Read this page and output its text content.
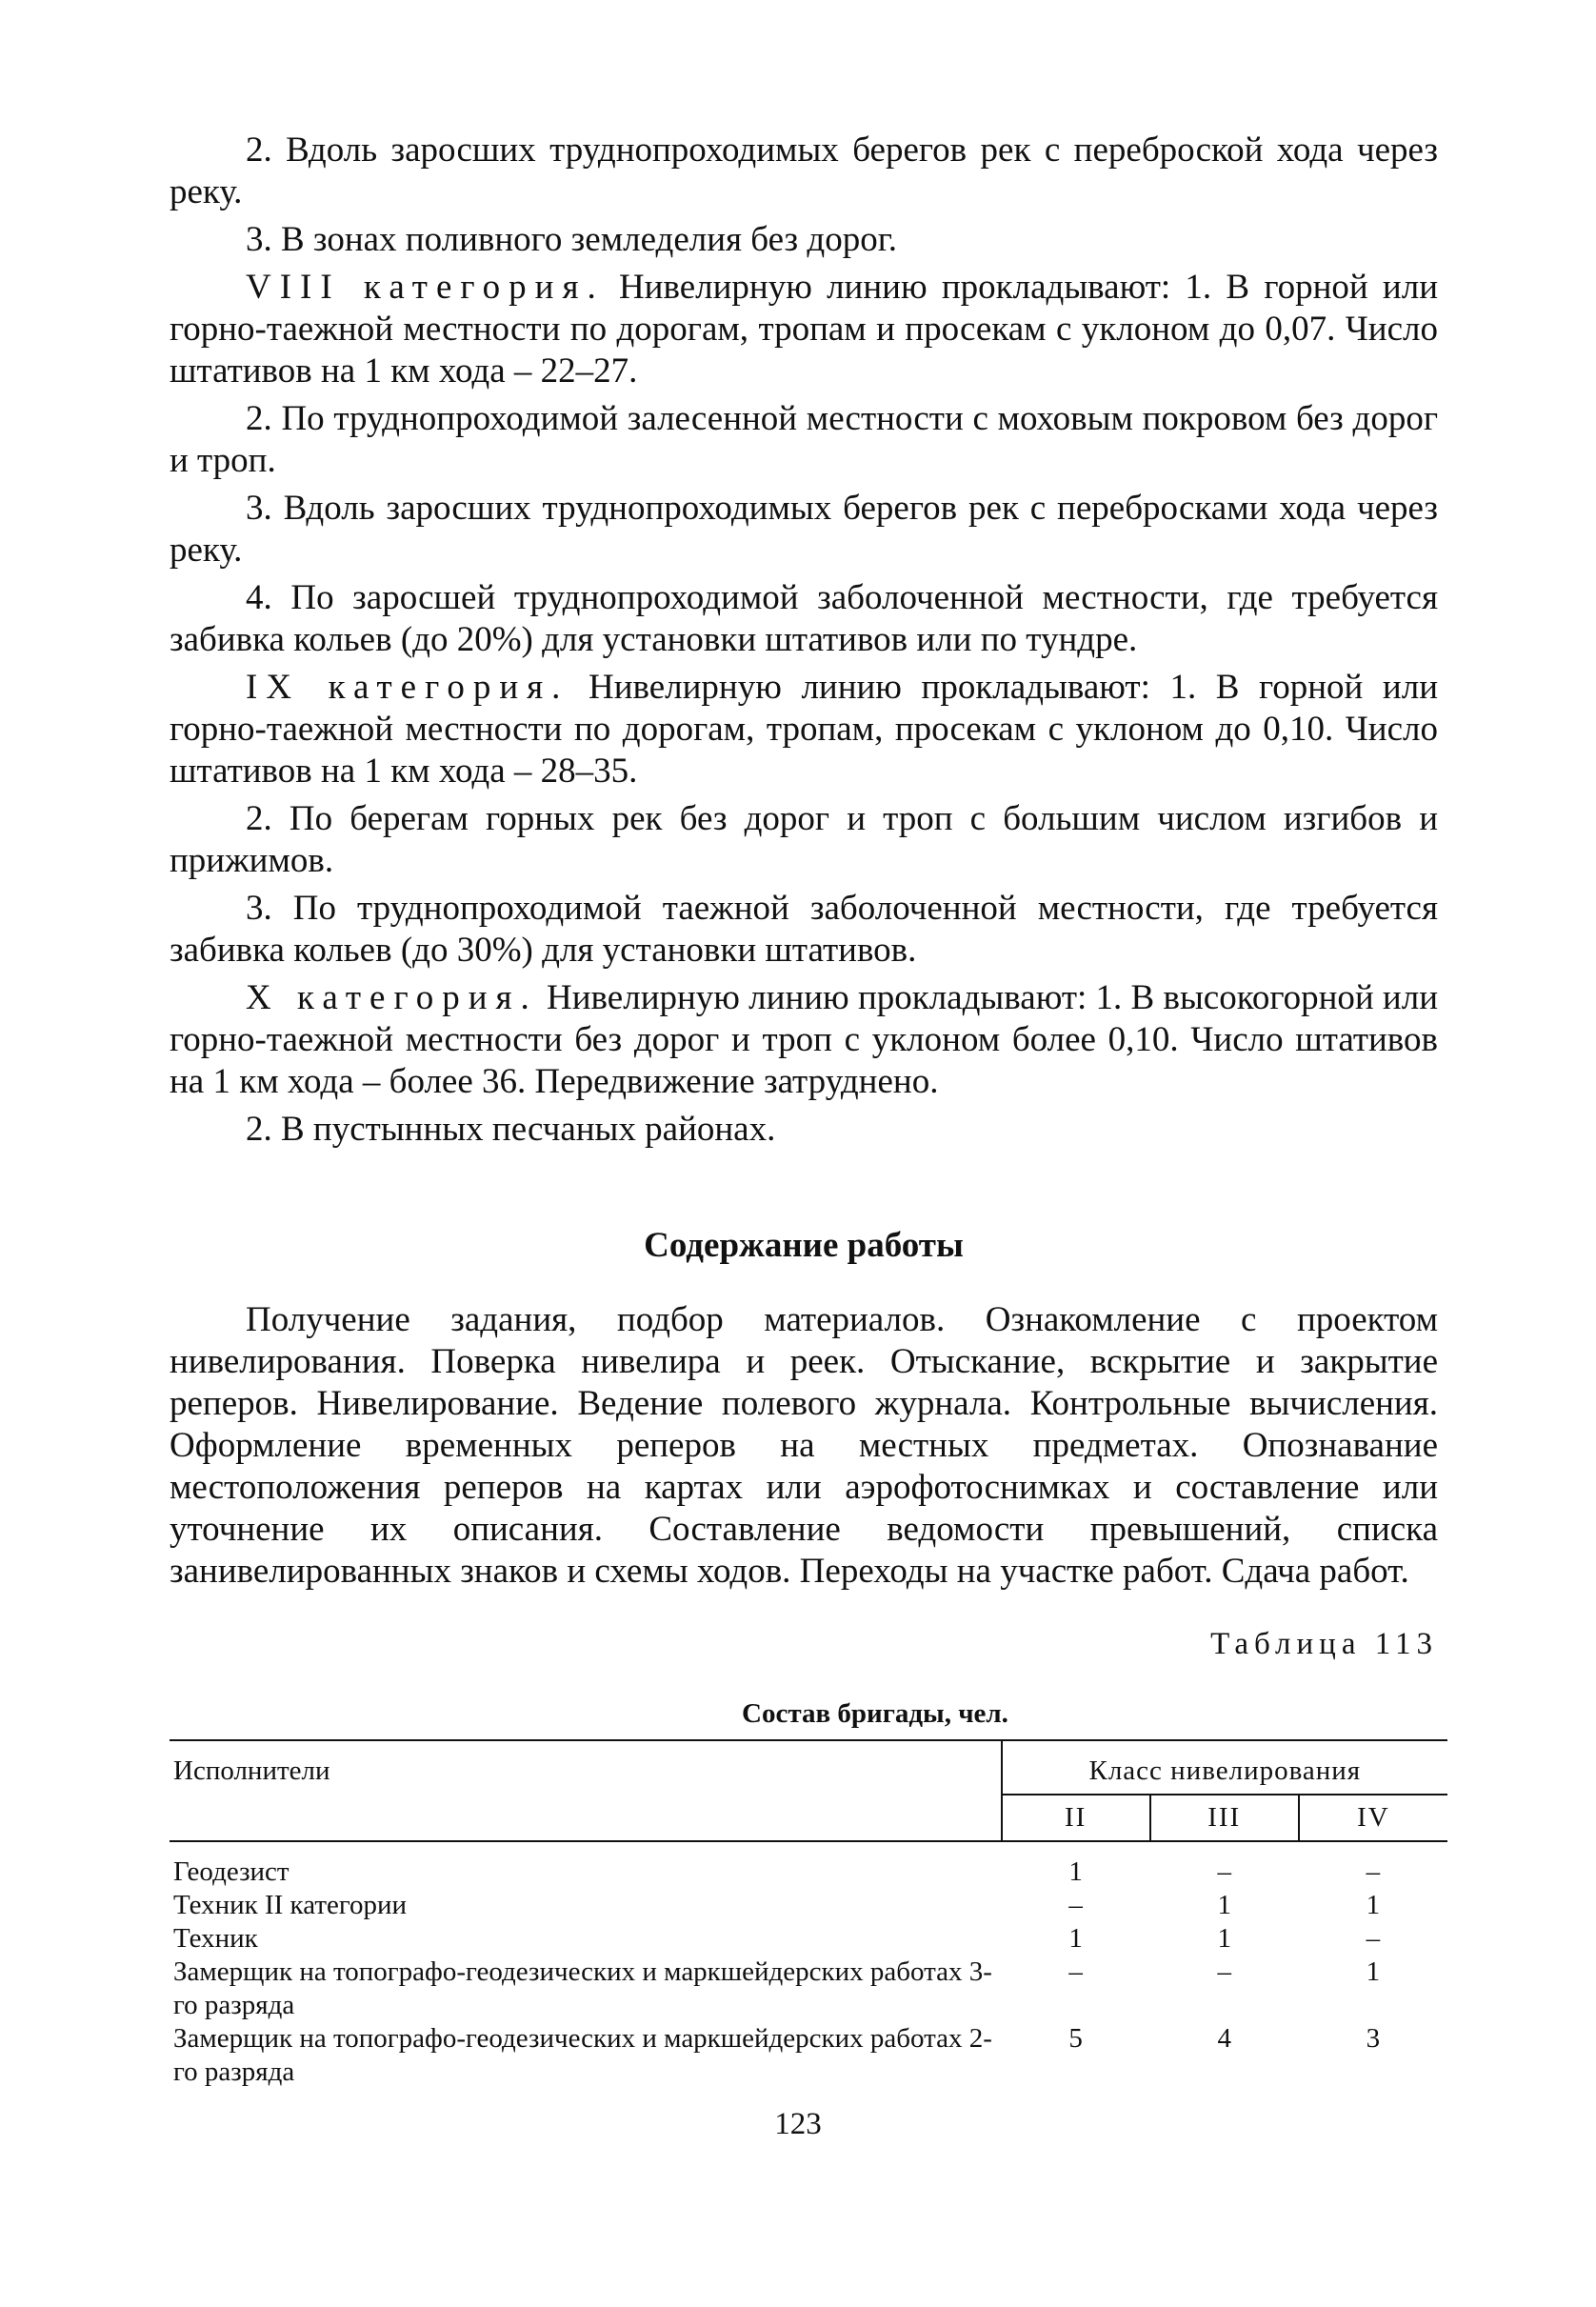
2. Вдоль заросших труднопроходимых берегов рек с переброской хода через реку.

3. В зонах поливного земледелия без дорог.

VIII категория. Нивелирную линию прокладывают: 1. В горной или горно-таежной местности по дорогам, тропам и просекам с уклоном до 0,07. Число штативов на 1 км хода – 22–27.

2. По труднопроходимой залесенной местности с моховым покровом без дорог и троп.

3. Вдоль заросших труднопроходимых берегов рек с перебросками хода через реку.

4. По заросшей труднопроходимой заболоченной местности, где требуется забивка кольев (до 20%) для установки штативов или по тундре.

IX категория. Нивелирную линию прокладывают: 1. В горной или горно-таежной местности по дорогам, тропам, просекам с уклоном до 0,10. Число штативов на 1 км хода – 28–35.

2. По берегам горных рек без дорог и троп с большим числом изгибов и прижимов.

3. По труднопроходимой таежной заболоченной местности, где требуется забивка кольев (до 30%) для установки штативов.

X категория. Нивелирную линию прокладывают: 1. В высокогорной или горно-таежной местности без дорог и троп с уклоном более 0,10. Число штативов на 1 км хода – более 36. Передвижение затруднено.

2. В пустынных песчаных районах.

Содержание работы

Получение задания, подбор материалов. Ознакомление с проектом нивелирования. Поверка нивелира и реек. Отыскание, вскрытие и закрытие реперов. Нивелирование. Ведение полевого журнала. Контрольные вычисления. Оформление временных реперов на местных предметах. Опознавание местоположения реперов на картах или аэрофотоснимках и составление или уточнение их описания. Составление ведомости превышений, списка занивелированных знаков и схемы ходов. Переходы на участке работ. Сдача работ.

Таблица 113
Состав бригады, чел.
Исполнители	Класс нивелирования		
	II	III	IV
Геодезист	1	–	–
Техник II категории	–	1	1
Техник	1	1	–
Замерщик на топографо-геодезических и маркшейдерских работах 3-го разряда	–	–	1
Замерщик на топографо-геодезических и маркшейдерских работах 2-го разряда	5	4	3
123
